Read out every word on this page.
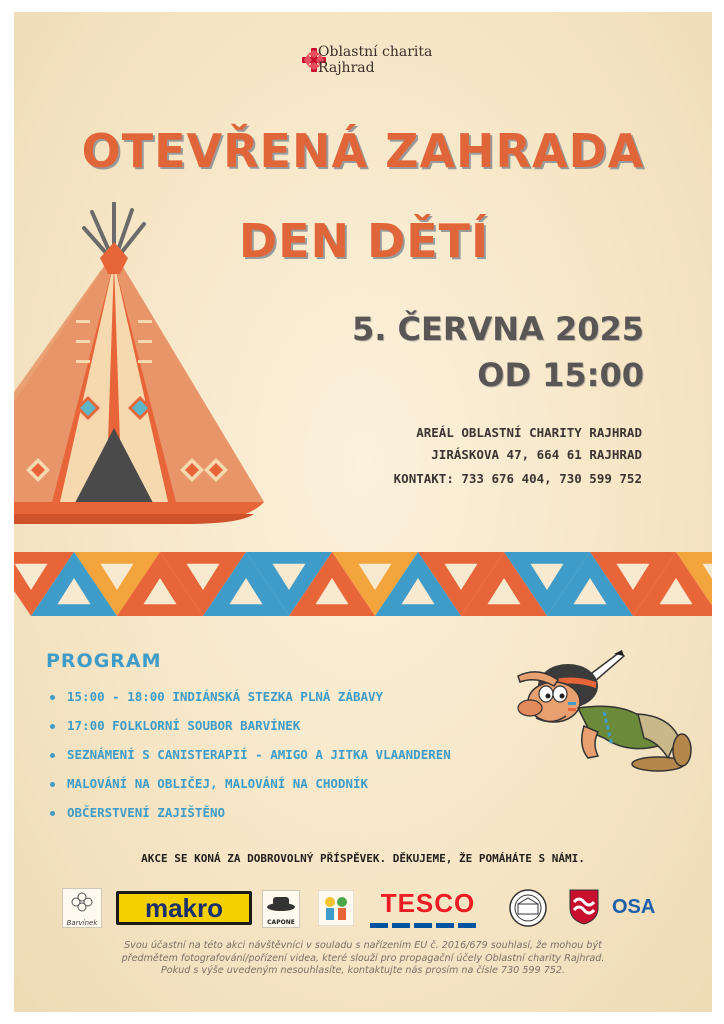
Oblastní charita
Rajhrad
OTEVŘENÁ ZAHRADA
DEN DĚTÍ
5. ČERVNA 2025
OD 15:00
AREÁL OBLASTNÍ CHARITY RAJHRAD
JIRÁSKOVA 47, 664 61 RAJHRAD
KONTAKT: 733 676 404, 730 599 752
PROGRAM
15:00 - 18:00 INDIÁNSKÁ STEZKA PLNÁ ZÁBAVY
17:00 FOLKLORNÍ SOUBOR BARVÍNEK
SEZNÁMENÍ S CANISTERAPIÍ - AMIGO A JITKA VLAANDEREN
MALOVÁNÍ NA OBLIČEJ, MALOVÁNÍ NA CHODNÍK
OBČERSTVENÍ ZAJIŠTĚNO
AKCE SE KONÁ ZA DOBROVOLNÝ PŘÍSPĚVEK. DĚKUJEME, ŽE POMÁHÁTE S NÁMI.
Barvínek	makro	CAPONE
TESCO	OSA
Svou účastní na této akci návštěvníci v souladu s nařízením EU č. 2016/679 souhlasí, že mohou být
předmětem fotografování/pořízení videa, které slouží pro propagační účely Oblastní charity Rajhrad.
Pokud s výše uvedeným nesouhlasíte, kontaktujte nás prosím na čísle 730 599 752.
